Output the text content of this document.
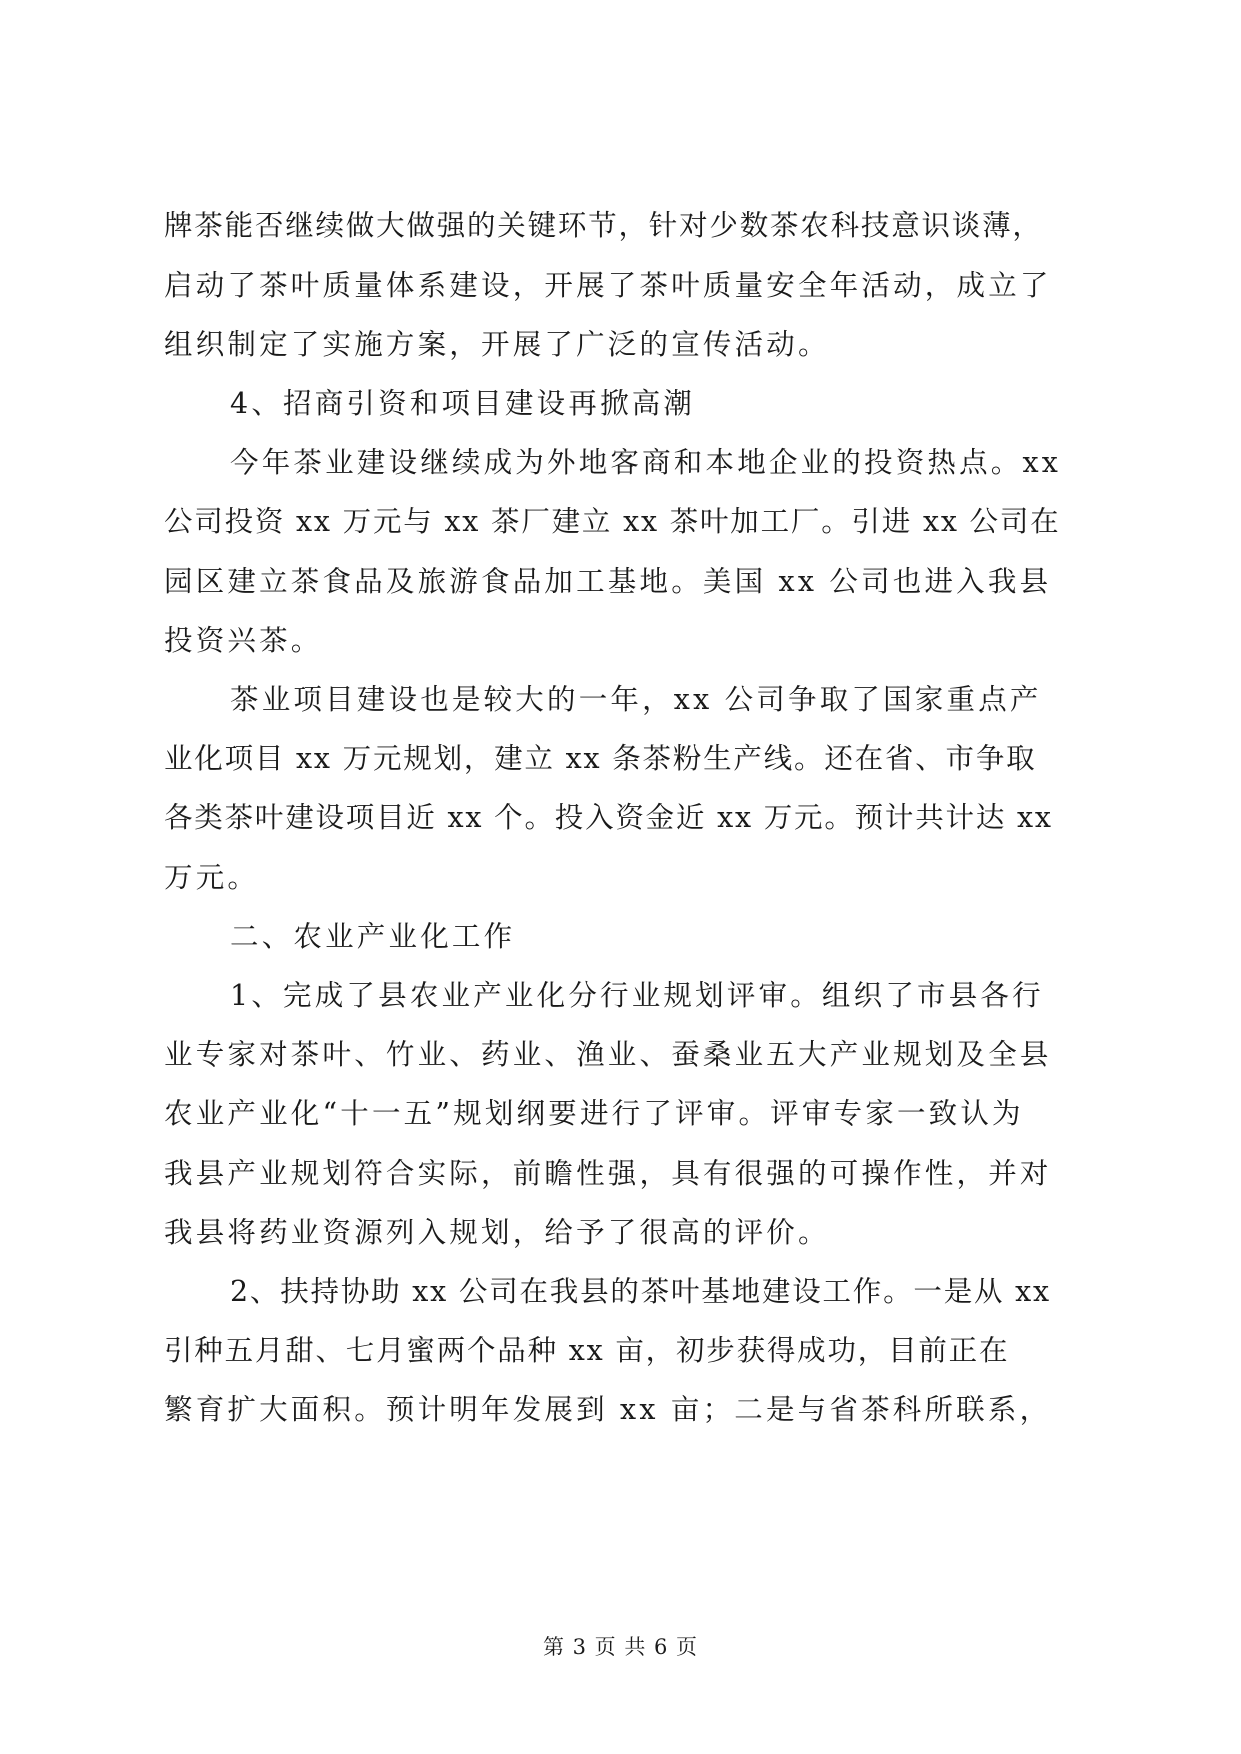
牌茶能否继续做大做强的关键环节，针对少数茶农科技意识谈薄，
启动了茶叶质量体系建设，开展了茶叶质量安全年活动，成立了
组织制定了实施方案，开展了广泛的宣传活动。
4、招商引资和项目建设再掀高潮
今年茶业建设继续成为外地客商和本地企业的投资热点。xx
公司投资 xx 万元与 xx 茶厂建立 xx 茶叶加工厂。引进 xx 公司在
园区建立茶食品及旅游食品加工基地。美国 xx 公司也进入我县
投资兴茶。
茶业项目建设也是较大的一年，xx 公司争取了国家重点产
业化项目 xx 万元规划，建立 xx 条茶粉生产线。还在省、市争取
各类茶叶建设项目近 xx 个。投入资金近 xx 万元。预计共计达 xx
万元。
二、农业产业化工作
1、完成了县农业产业化分行业规划评审。组织了市县各行
业专家对茶叶、竹业、药业、渔业、蚕桑业五大产业规划及全县
农业产业化“十一五”规划纲要进行了评审。评审专家一致认为
我县产业规划符合实际，前瞻性强，具有很强的可操作性，并对
我县将药业资源列入规划，给予了很高的评价。
2、扶持协助 xx 公司在我县的茶叶基地建设工作。一是从 xx
引种五月甜、七月蜜两个品种 xx 亩，初步获得成功，目前正在
繁育扩大面积。预计明年发展到 xx 亩；二是与省茶科所联系，
第 3 页 共 6 页
